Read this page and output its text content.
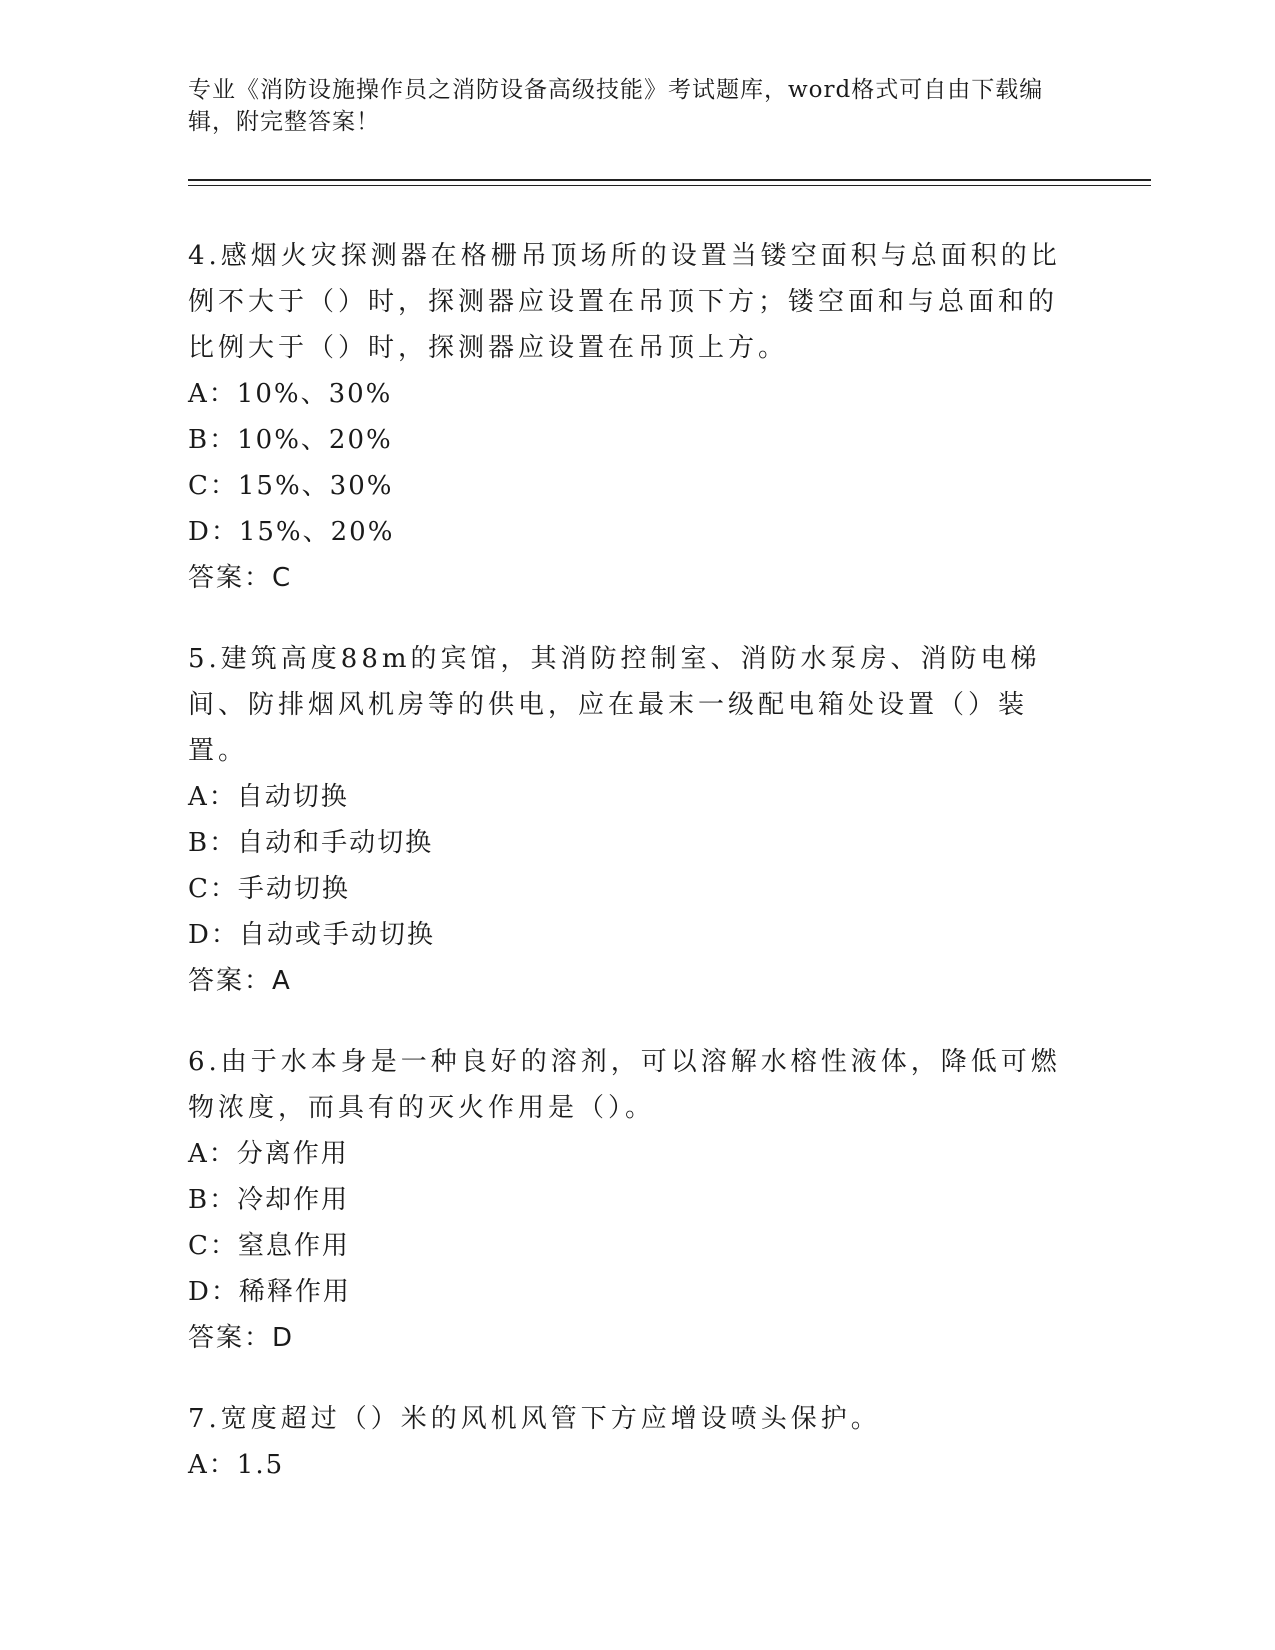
专业《消防设施操作员之消防设备高级技能》考试题库，word格式可自由下载编辑，附完整答案！
4.感烟火灾探测器在格栅吊顶场所的设置当镂空面积与总面积的比例不大于（）时，探测器应设置在吊顶下方；镂空面和与总面和的比例大于（）时，探测器应设置在吊顶上方。
A：10%、30%
B：10%、20%
C：15%、30%
D：15%、20%
答案：C
5.建筑高度88m的宾馆，其消防控制室、消防水泵房、消防电梯间、防排烟风机房等的供电，应在最末一级配电箱处设置（）装置。
A：自动切换
B：自动和手动切换
C：手动切换
D：自动或手动切换
答案：A
6.由于水本身是一种良好的溶剂，可以溶解水榕性液体，降低可燃物浓度，而具有的灭火作用是（）。
A：分离作用
B：冷却作用
C：窒息作用
D：稀释作用
答案：D
7.宽度超过（）米的风机风管下方应增设喷头保护。
A：1.5
